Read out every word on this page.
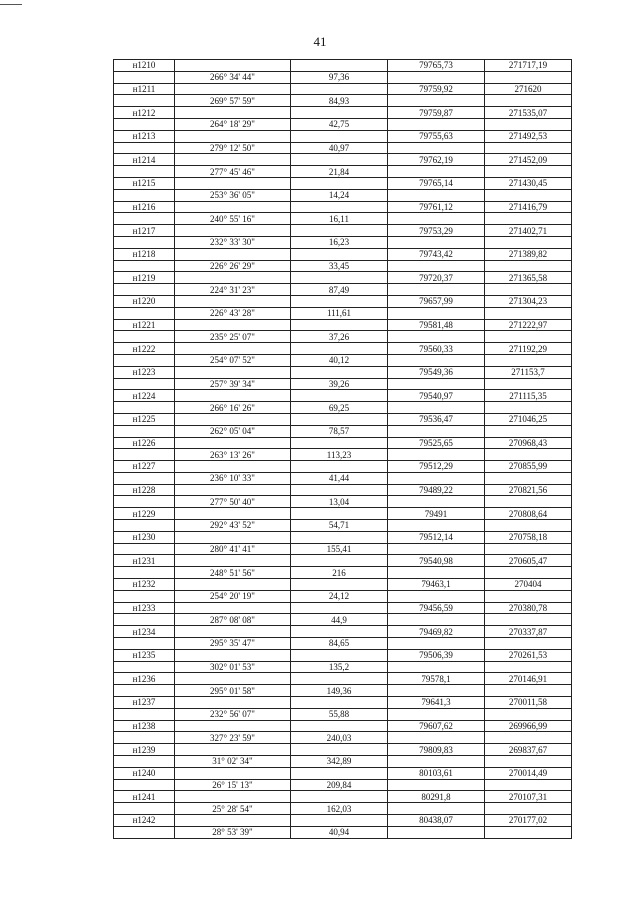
41
н1210			79765,73	271717,19
	266° 34' 44"	97,36		
н1211			79759,92	271620
	269° 57' 59"	84,93		
н1212			79759,87	271535,07
	264° 18' 29"	42,75		
н1213			79755,63	271492,53
	279° 12' 50"	40,97		
н1214			79762,19	271452,09
	277° 45' 46"	21,84		
н1215			79765,14	271430,45
	253° 36' 05"	14,24		
н1216			79761,12	271416,79
	240° 55' 16"	16,11		
н1217			79753,29	271402,71
	232° 33' 30"	16,23		
н1218			79743,42	271389,82
	226° 26' 29"	33,45		
н1219			79720,37	271365,58
	224° 31' 23"	87,49		
н1220			79657,99	271304,23
	226° 43' 28"	111,61		
н1221			79581,48	271222,97
	235° 25' 07"	37,26		
н1222			79560,33	271192,29
	254° 07' 52"	40,12		
н1223			79549,36	271153,7
	257° 39' 34"	39,26		
н1224			79540,97	271115,35
	266° 16' 26"	69,25		
н1225			79536,47	271046,25
	262° 05' 04"	78,57		
н1226			79525,65	270968,43
	263° 13' 26"	113,23		
н1227			79512,29	270855,99
	236° 10' 33"	41,44		
н1228			79489,22	270821,56
	277° 50' 40"	13,04		
н1229			79491	270808,64
	292° 43' 52"	54,71		
н1230			79512,14	270758,18
	280° 41' 41"	155,41		
н1231			79540,98	270605,47
	248° 51' 56"	216		
н1232			79463,1	270404
	254° 20' 19"	24,12		
н1233			79456,59	270380,78
	287° 08' 08"	44,9		
н1234			79469,82	270337,87
	295° 35' 47"	84,65		
н1235			79506,39	270261,53
	302° 01' 53"	135,2		
н1236			79578,1	270146,91
	295° 01' 58"	149,36		
н1237			79641,3	270011,58
	232° 56' 07"	55,88		
н1238			79607,62	269966,99
	327° 23' 59"	240,03		
н1239			79809,83	269837,67
	31° 02' 34"	342,89		
н1240			80103,61	270014,49
	26° 15' 13"	209,84		
н1241			80291,8	270107,31
	25° 28' 54"	162,03		
н1242			80438,07	270177,02
	28° 53' 39"	40,94		
